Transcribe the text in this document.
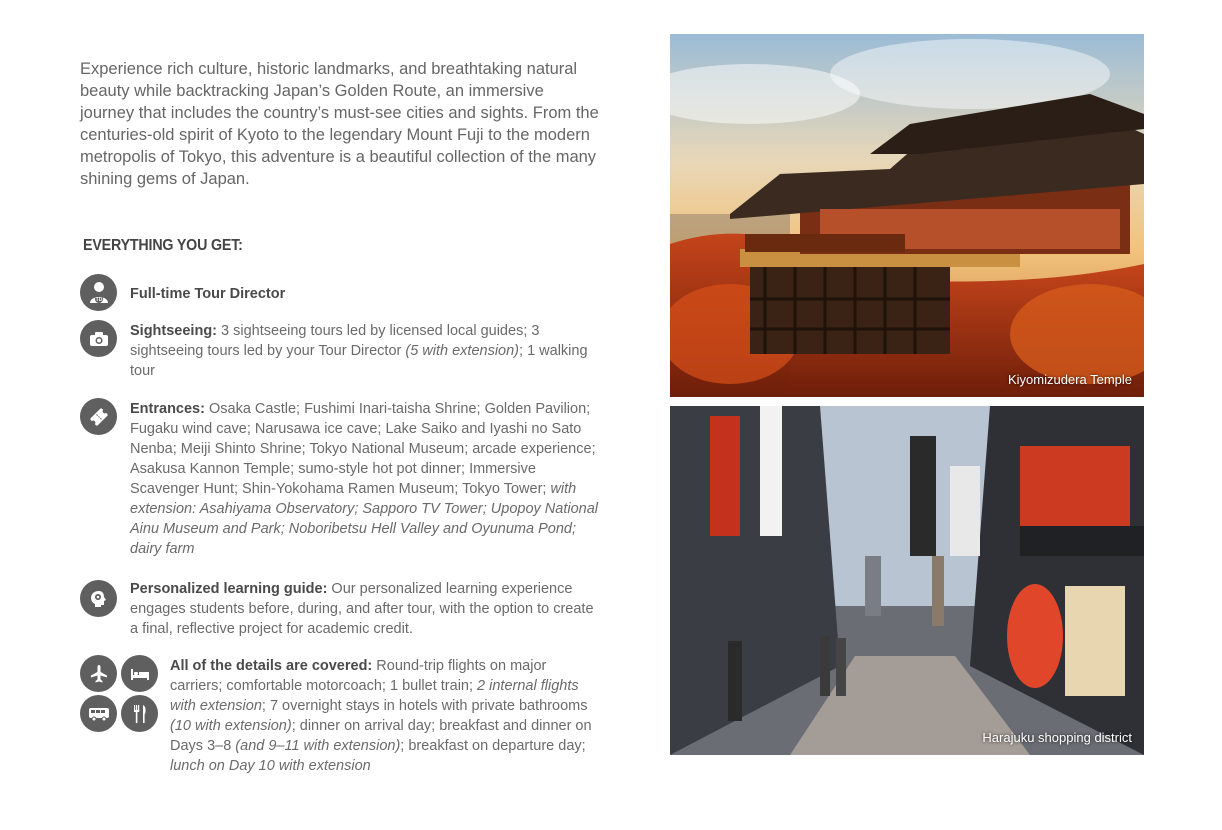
Experience rich culture, historic landmarks, and breathtaking natural beauty while backtracking Japan’s Golden Route, an immersive journey that includes the country’s must-see cities and sights. From the centuries-old spirit of Kyoto to the legendary Mount Fuji to the modern metropolis of Tokyo, this adventure is a beautiful collection of the many shining gems of Japan.

EVERYTHING YOU GET:
TD Full-time Tour Director
Sightseeing: 3 sightseeing tours led by licensed local guides; 3 sightseeing tours led by your Tour Director (5 with extension); 1 walking tour
Entrances: Osaka Castle; Fushimi Inari-taisha Shrine; Golden Pavilion; Fugaku wind cave; Narusawa ice cave; Lake Saiko and Iyashi no Sato Nenba; Meiji Shinto Shrine; Tokyo National Museum; arcade experience; Asakusa Kannon Temple; sumo-style hot pot dinner; Immersive Scavenger Hunt; Shin-Yokohama Ramen Museum; Tokyo Tower; with extension: Asahiyama Observatory; Sapporo TV Tower; Upopoy National Ainu Museum and Park; Noboribetsu Hell Valley and Oyunuma Pond; dairy farm
Personalized learning guide: Our personalized learning experience engages students before, during, and after tour, with the option to create a final, reflective project for academic credit.
All of the details are covered: Round-trip flights on major carriers; comfortable motorcoach; 1 bullet train; 2 internal flights with extension; 7 overnight stays in hotels with private bathrooms (10 with extension); dinner on arrival day; breakfast and dinner on Days 3–8 (and 9–11 with extension); breakfast on departure day; lunch on Day 10 with extension
Kiyomizudera Temple
Harajuku shopping district
